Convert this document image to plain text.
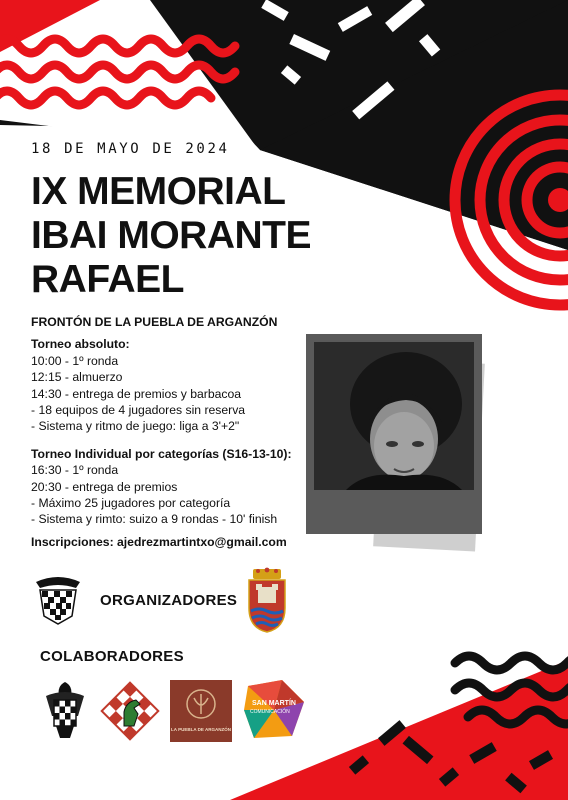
18 DE MAYO DE 2024
IX MEMORIAL
IBAI MORANTE
RAFAEL
FRONTÓN DE LA PUEBLA DE ARGANZÓN
Torneo absoluto:
10:00 - 1º ronda
12:15 - almuerzo
14:30 - entrega de premios y barbacoa
- 18 equipos de 4 jugadores sin reserva
- Sistema y ritmo de juego: liga a 3'+2"
Torneo Individual por categorías (S16-13-10):
16:30 - 1º ronda
20:30 - entrega de premios
- Máximo 25 jugadores por categoría
- Sistema y rimto: suizo a 9 rondas - 10' finish
Inscripciones: ajedrezmartintxo@gmail.com
ORGANIZADORES
COLABORADORES
LA PUEBLA DE ARGANZÓN
SAN MARTÍN
COMUNICACIÓN
